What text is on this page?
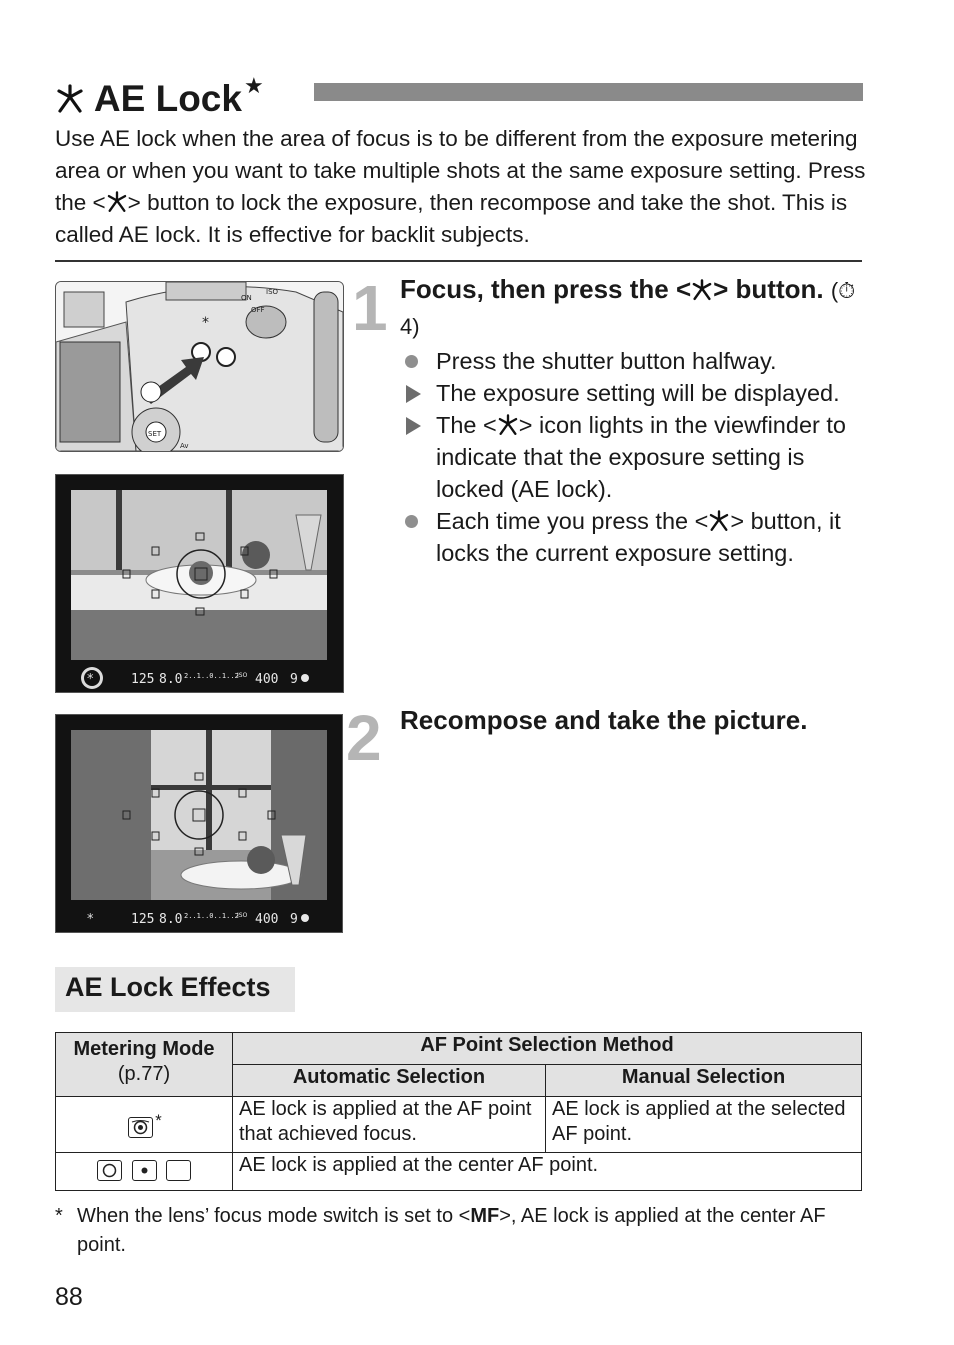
AE Lock★
Use AE lock when the area of focus is to be different from the exposure metering area or when you want to take multiple shots at the same exposure setting. Press the < > button to lock the exposure, then recompose and take the shot. This is called AE lock. It is effective for backlit subjects.
*
ON
OFF
ISO
SET
Av
*	125 8.0 2..1..0..1..2
ISO 400 9
*	125 8.0 2..1..0..1..2
ISO 400 9
1 Focus, then press the < > button. (⏱4)
Press the shutter button halfway.
The exposure setting will be displayed.
The < > icon lights in the viewfinder to indicate that the exposure setting is locked (AE lock).
Each time you press the < > button, it locks the current exposure setting.
2 Recompose and take the picture.
AE Lock Effects
Metering Mode
(p.77)	AF Point Selection Method	
	Automatic Selection	Manual Selection

*	AE lock is applied at the AF point that achieved focus.	AE lock is applied at the selected AF point.

	AE lock is applied at the center AF point.	
* When the lens’ focus mode switch is set to <MF>, AE lock is applied at the center AF point.
88
